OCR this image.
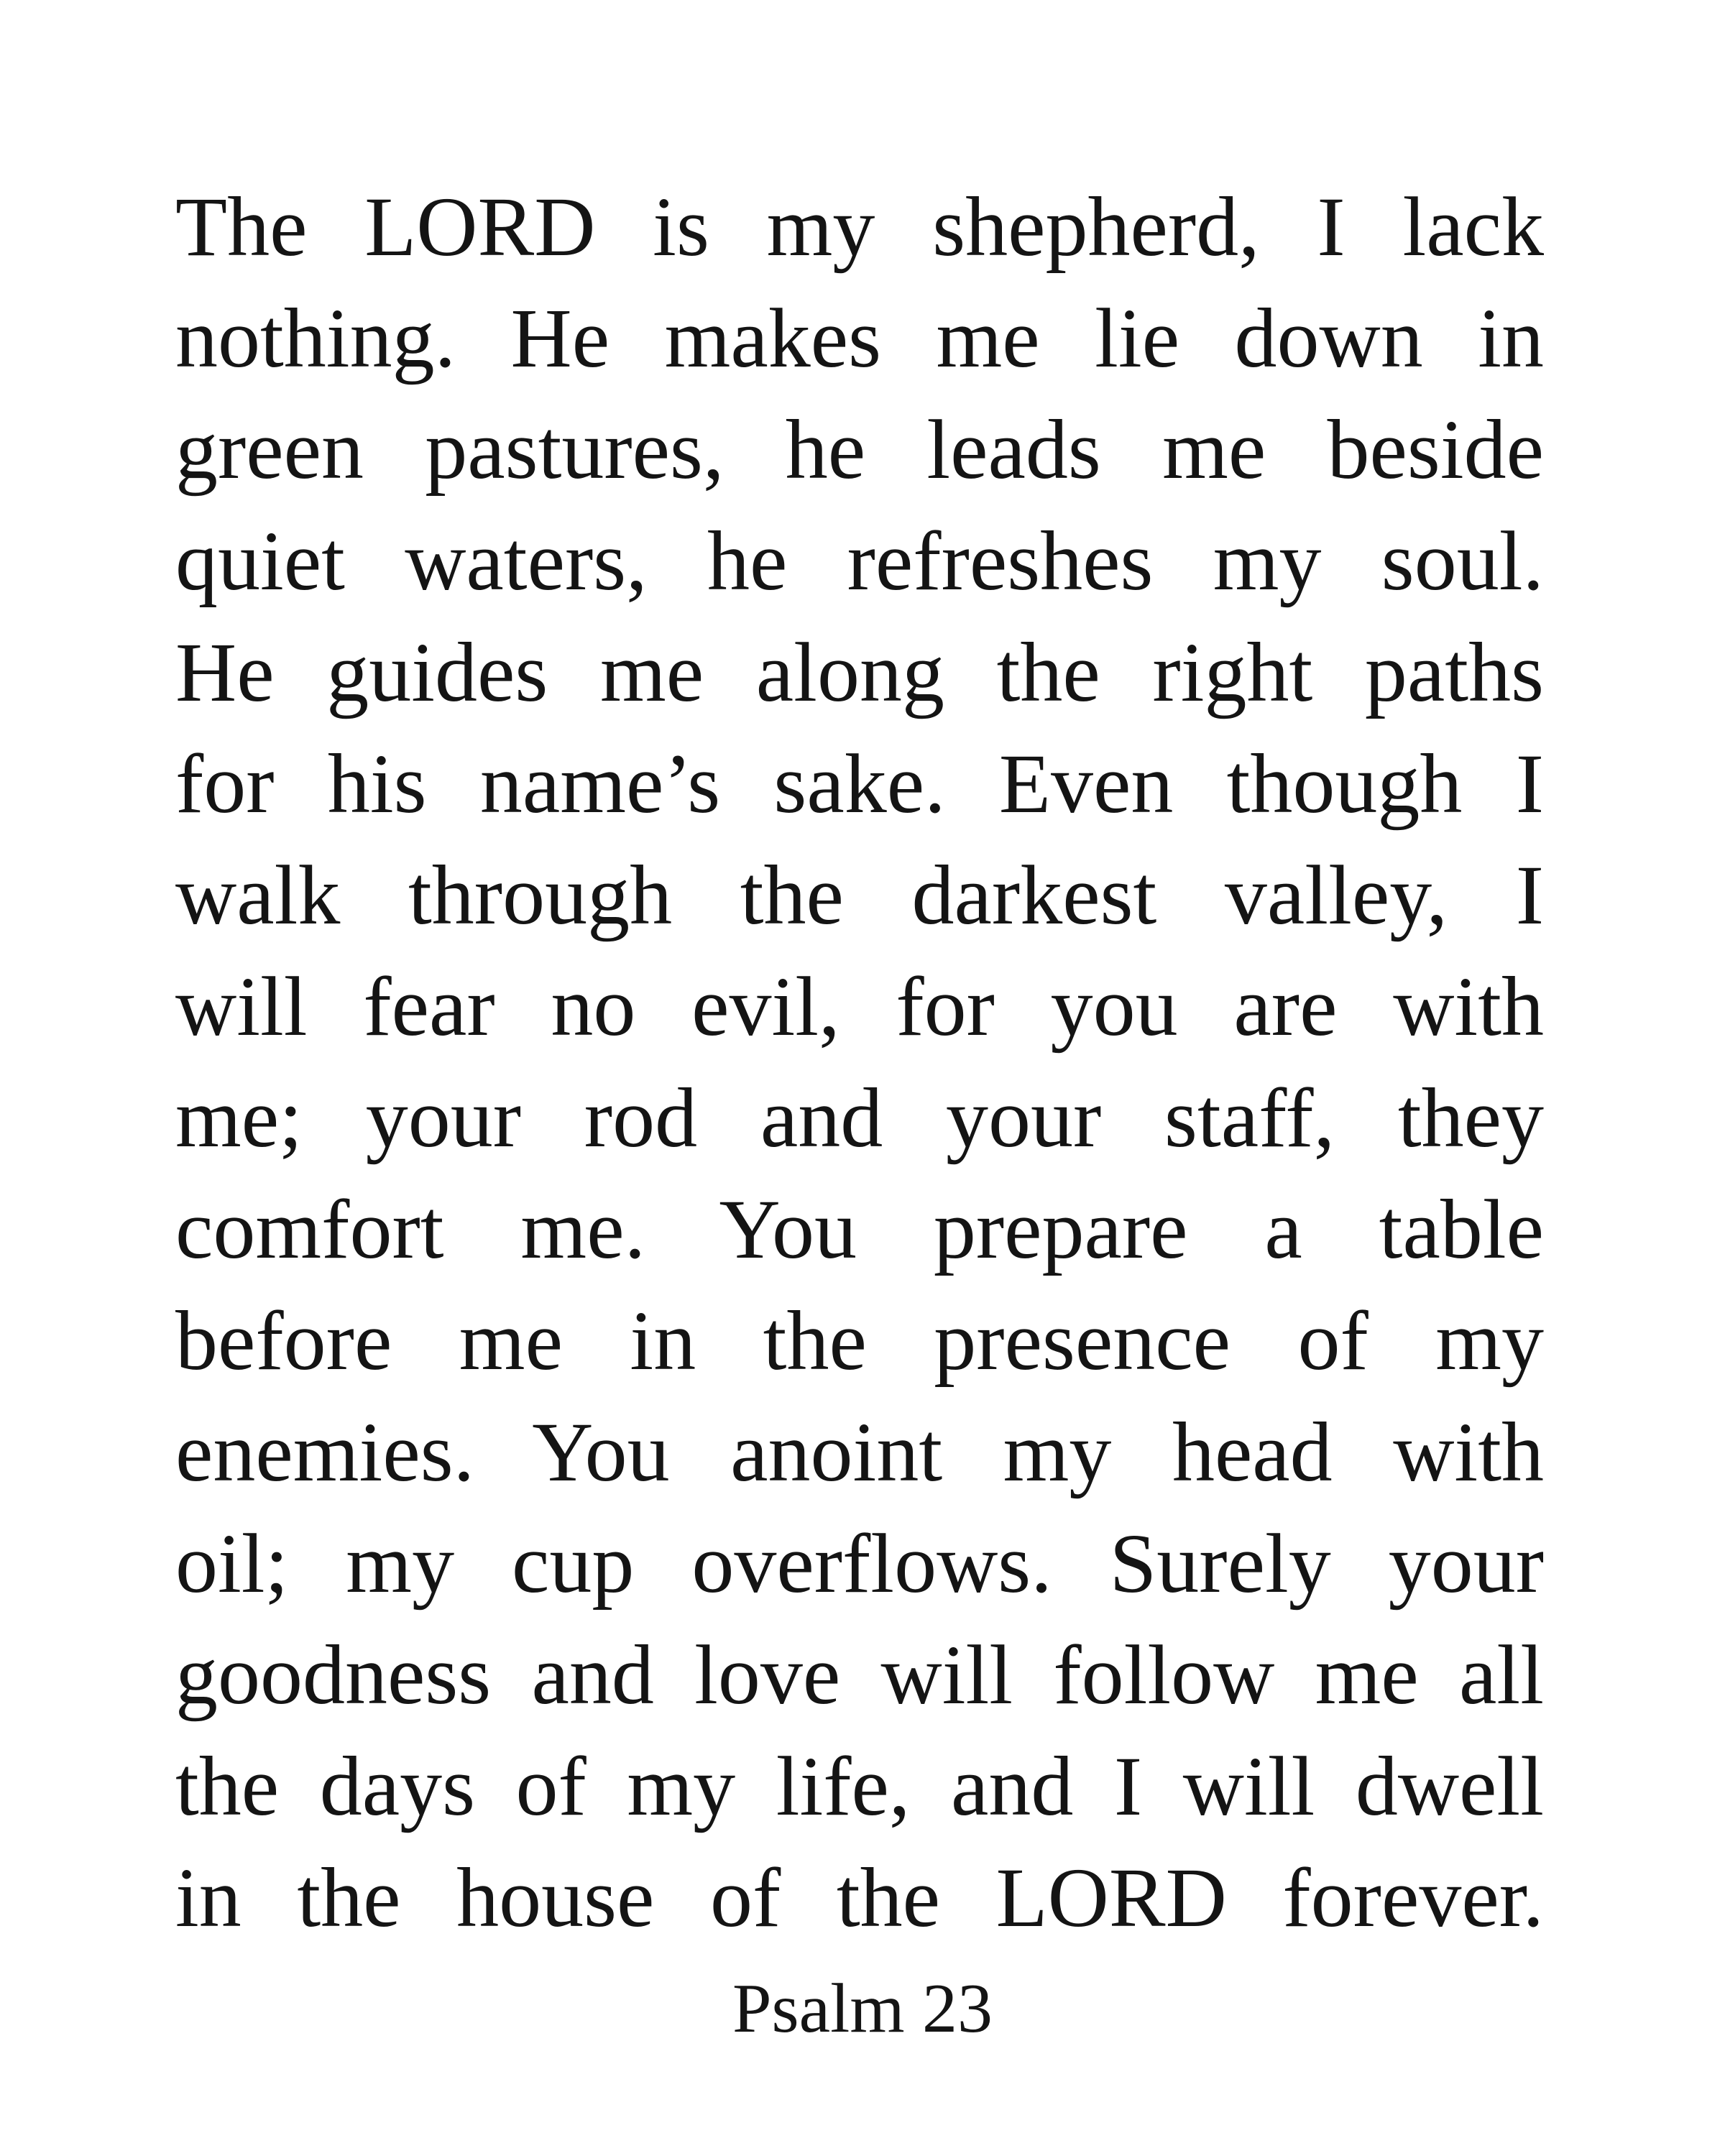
The LORD is my shepherd, I lack
nothing. He makes me lie down in
green pastures, he leads me beside
quiet waters, he refreshes my soul.
He guides me along the right paths
for his name’s sake. Even though I
walk through the darkest valley, I
will fear no evil, for you are with
me; your rod and your staff, they
comfort me. You prepare a table
before me in the presence of my
enemies. You anoint my head with
oil; my cup overflows. Surely your
goodness and love will follow me all
the days of my life, and I will dwell
in the house of the LORD forever.
Psalm 23
